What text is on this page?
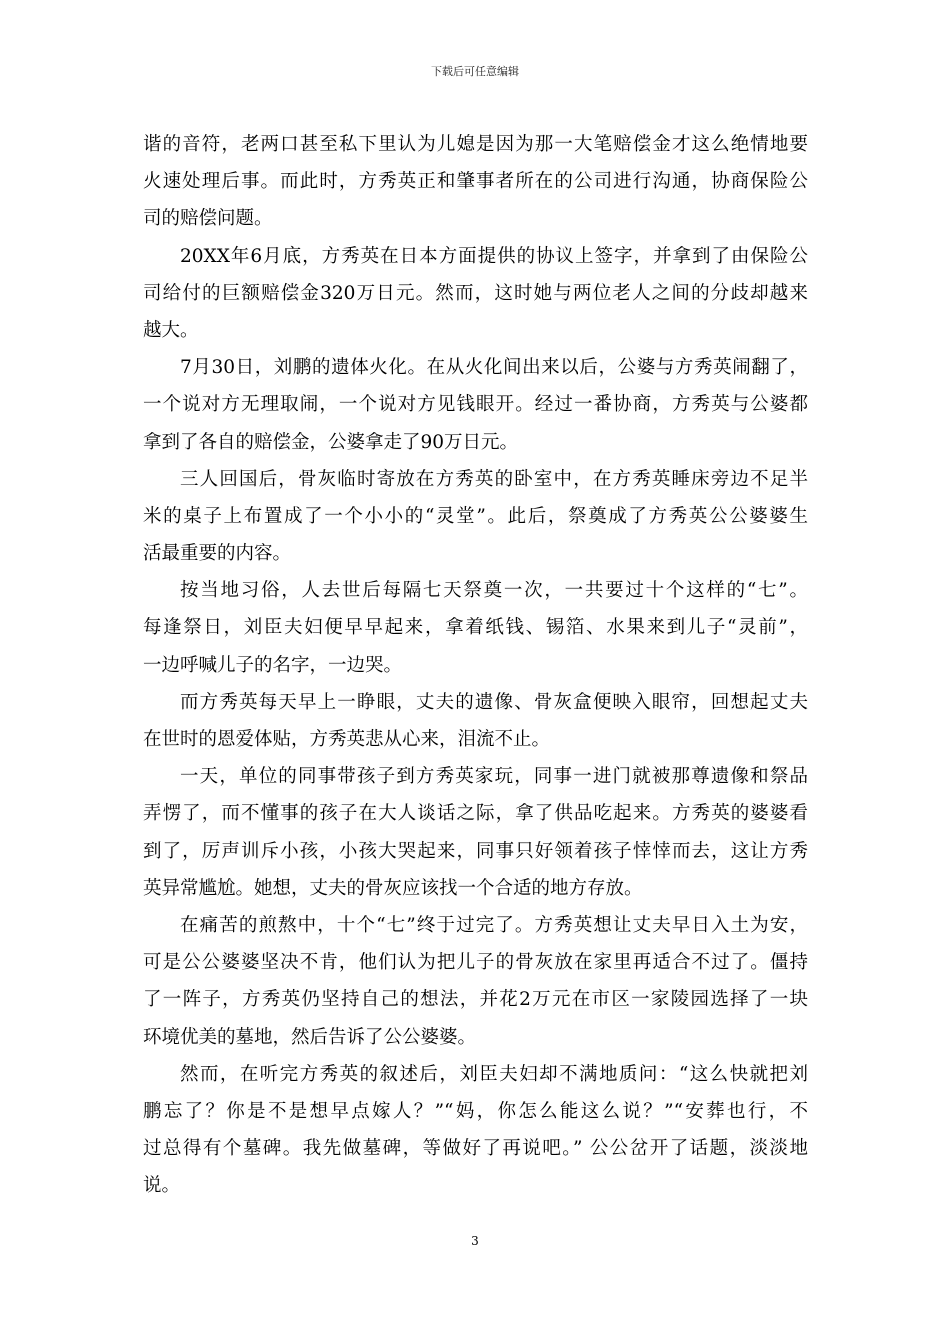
下载后可任意编辑
谐的音符，老两口甚至私下里认为儿媳是因为那一大笔赔偿金才这么绝情地要
火速处理后事。而此时，方秀英正和肇事者所在的公司进行沟通，协商保险公
司的赔偿问题。
20XX年6月底，方秀英在日本方面提供的协议上签字，并拿到了由保险公
司给付的巨额赔偿金320万日元。然而，这时她与两位老人之间的分歧却越来
越大。
7月30日，刘鹏的遗体火化。在从火化间出来以后，公婆与方秀英闹翻了，
一个说对方无理取闹，一个说对方见钱眼开。经过一番协商，方秀英与公婆都
拿到了各自的赔偿金，公婆拿走了90万日元。
三人回国后，骨灰临时寄放在方秀英的卧室中，在方秀英睡床旁边不足半
米的桌子上布置成了一个小小的“灵堂”。此后，祭奠成了方秀英公公婆婆生
活最重要的内容。
按当地习俗，人去世后每隔七天祭奠一次，一共要过十个这样的“七”。
每逢祭日，刘臣夫妇便早早起来，拿着纸钱、锡箔、水果来到儿子“灵前”，
一边呼喊儿子的名字，一边哭。
而方秀英每天早上一睁眼，丈夫的遗像、骨灰盒便映入眼帘，回想起丈夫
在世时的恩爱体贴，方秀英悲从心来，泪流不止。
一天，单位的同事带孩子到方秀英家玩，同事一进门就被那尊遗像和祭品
弄愣了，而不懂事的孩子在大人谈话之际，拿了供品吃起来。方秀英的婆婆看
到了，厉声训斥小孩，小孩大哭起来，同事只好领着孩子悻悻而去，这让方秀
英异常尴尬。她想，丈夫的骨灰应该找一个合适的地方存放。
在痛苦的煎熬中，十个“七”终于过完了。方秀英想让丈夫早日入土为安，
可是公公婆婆坚决不肯，他们认为把儿子的骨灰放在家里再适合不过了。僵持
了一阵子，方秀英仍坚持自己的想法，并花2万元在市区一家陵园选择了一块
环境优美的墓地，然后告诉了公公婆婆。
然而，在听完方秀英的叙述后，刘臣夫妇却不满地质问：“这么快就把刘
鹏忘了？你是不是想早点嫁人？”“妈，你怎么能这么说？”“安葬也行，不
过总得有个墓碑。我先做墓碑，等做好了再说吧。” 公公岔开了话题，淡淡地
说。
3
